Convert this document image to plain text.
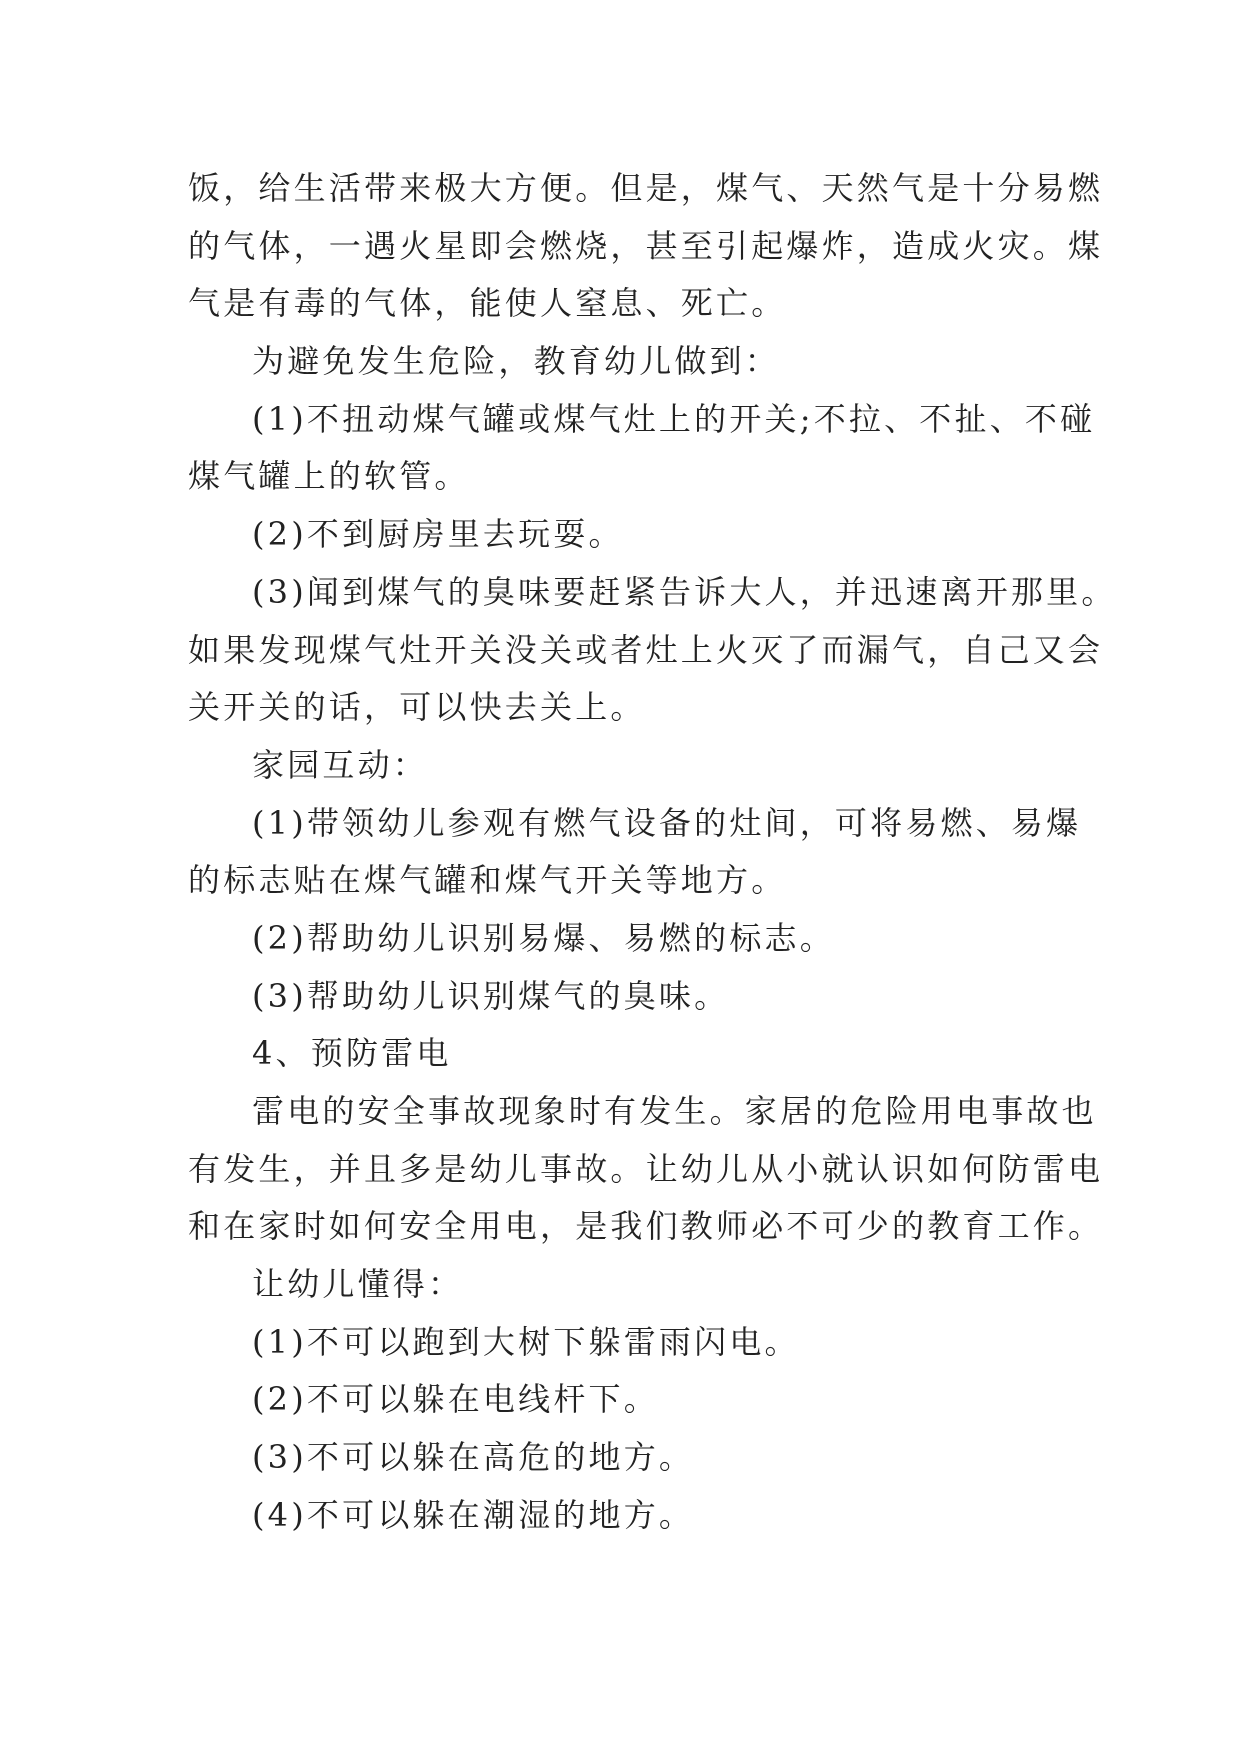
饭，给生活带来极大方便。但是，煤气、天然气是十分易燃
的气体，一遇火星即会燃烧，甚至引起爆炸，造成火灾。煤
气是有毒的气体，能使人窒息、死亡。
为避免发生危险，教育幼儿做到：
(1)不扭动煤气罐或煤气灶上的开关;不拉、不扯、不碰
煤气罐上的软管。
(2)不到厨房里去玩耍。
(3)闻到煤气的臭味要赶紧告诉大人，并迅速离开那里。
如果发现煤气灶开关没关或者灶上火灭了而漏气，自己又会
关开关的话，可以快去关上。
家园互动：
(1)带领幼儿参观有燃气设备的灶间，可将易燃、易爆
的标志贴在煤气罐和煤气开关等地方。
(2)帮助幼儿识别易爆、易燃的标志。
(3)帮助幼儿识别煤气的臭味。
4、预防雷电
雷电的安全事故现象时有发生。家居的危险用电事故也
有发生，并且多是幼儿事故。让幼儿从小就认识如何防雷电
和在家时如何安全用电，是我们教师必不可少的教育工作。
让幼儿懂得：
(1)不可以跑到大树下躲雷雨闪电。
(2)不可以躲在电线杆下。
(3)不可以躲在高危的地方。
(4)不可以躲在潮湿的地方。
